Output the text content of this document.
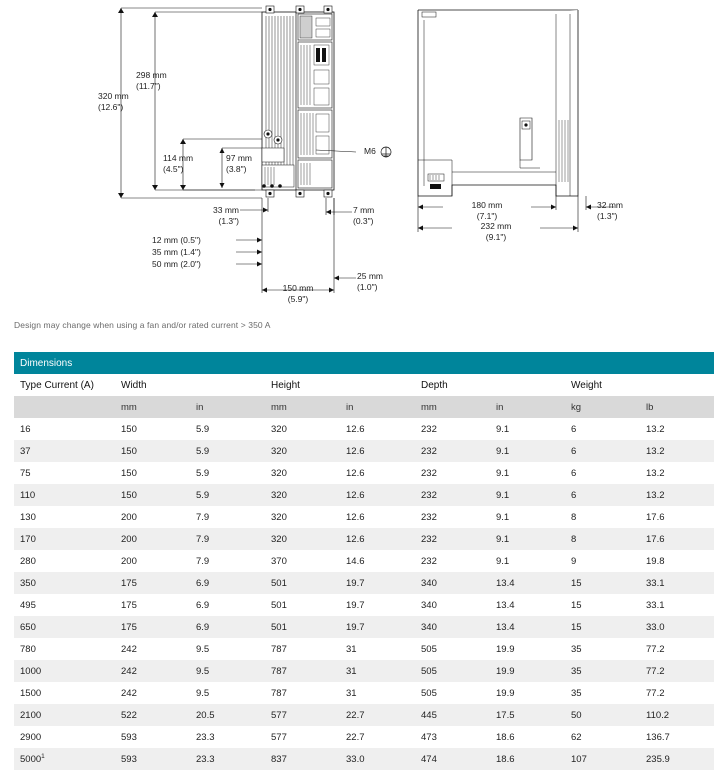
320 mm
(12.6")
298 mm
(11.7")
114 mm
(4.5")
97 mm
(3.8")
33 mm
(1.3")
12 mm (0.5")
35 mm (1.4")
50 mm (2.0")
7 mm
(0.3")
25 mm
(1.0")
150 mm
(5.9")
M6
180 mm
(7.1")
232 mm
(9.1")
32 mm
(1.3")
Design may change when using a fan and/or rated current > 350 A
Dimensions								
Type Current (A)	Width		Height		Depth		Weight	
	mm	in	mm	in	mm	in	kg	lb
16	150	5.9	320	12.6	232	9.1	6	13.2
37	150	5.9	320	12.6	232	9.1	6	13.2
75	150	5.9	320	12.6	232	9.1	6	13.2
110	150	5.9	320	12.6	232	9.1	6	13.2
130	200	7.9	320	12.6	232	9.1	8	17.6
170	200	7.9	320	12.6	232	9.1	8	17.6
280	200	7.9	370	14.6	232	9.1	9	19.8
350	175	6.9	501	19.7	340	13.4	15	33.1
495	175	6.9	501	19.7	340	13.4	15	33.1
650	175	6.9	501	19.7	340	13.4	15	33.0
780	242	9.5	787	31	505	19.9	35	77.2
1000	242	9.5	787	31	505	19.9	35	77.2
1500	242	9.5	787	31	505	19.9	35	77.2
2100	522	20.5	577	22.7	445	17.5	50	110.2
2900	593	23.3	577	22.7	473	18.6	62	136.7
5000$^1$	593	23.3	837	33.0	474	18.6	107	235.9
